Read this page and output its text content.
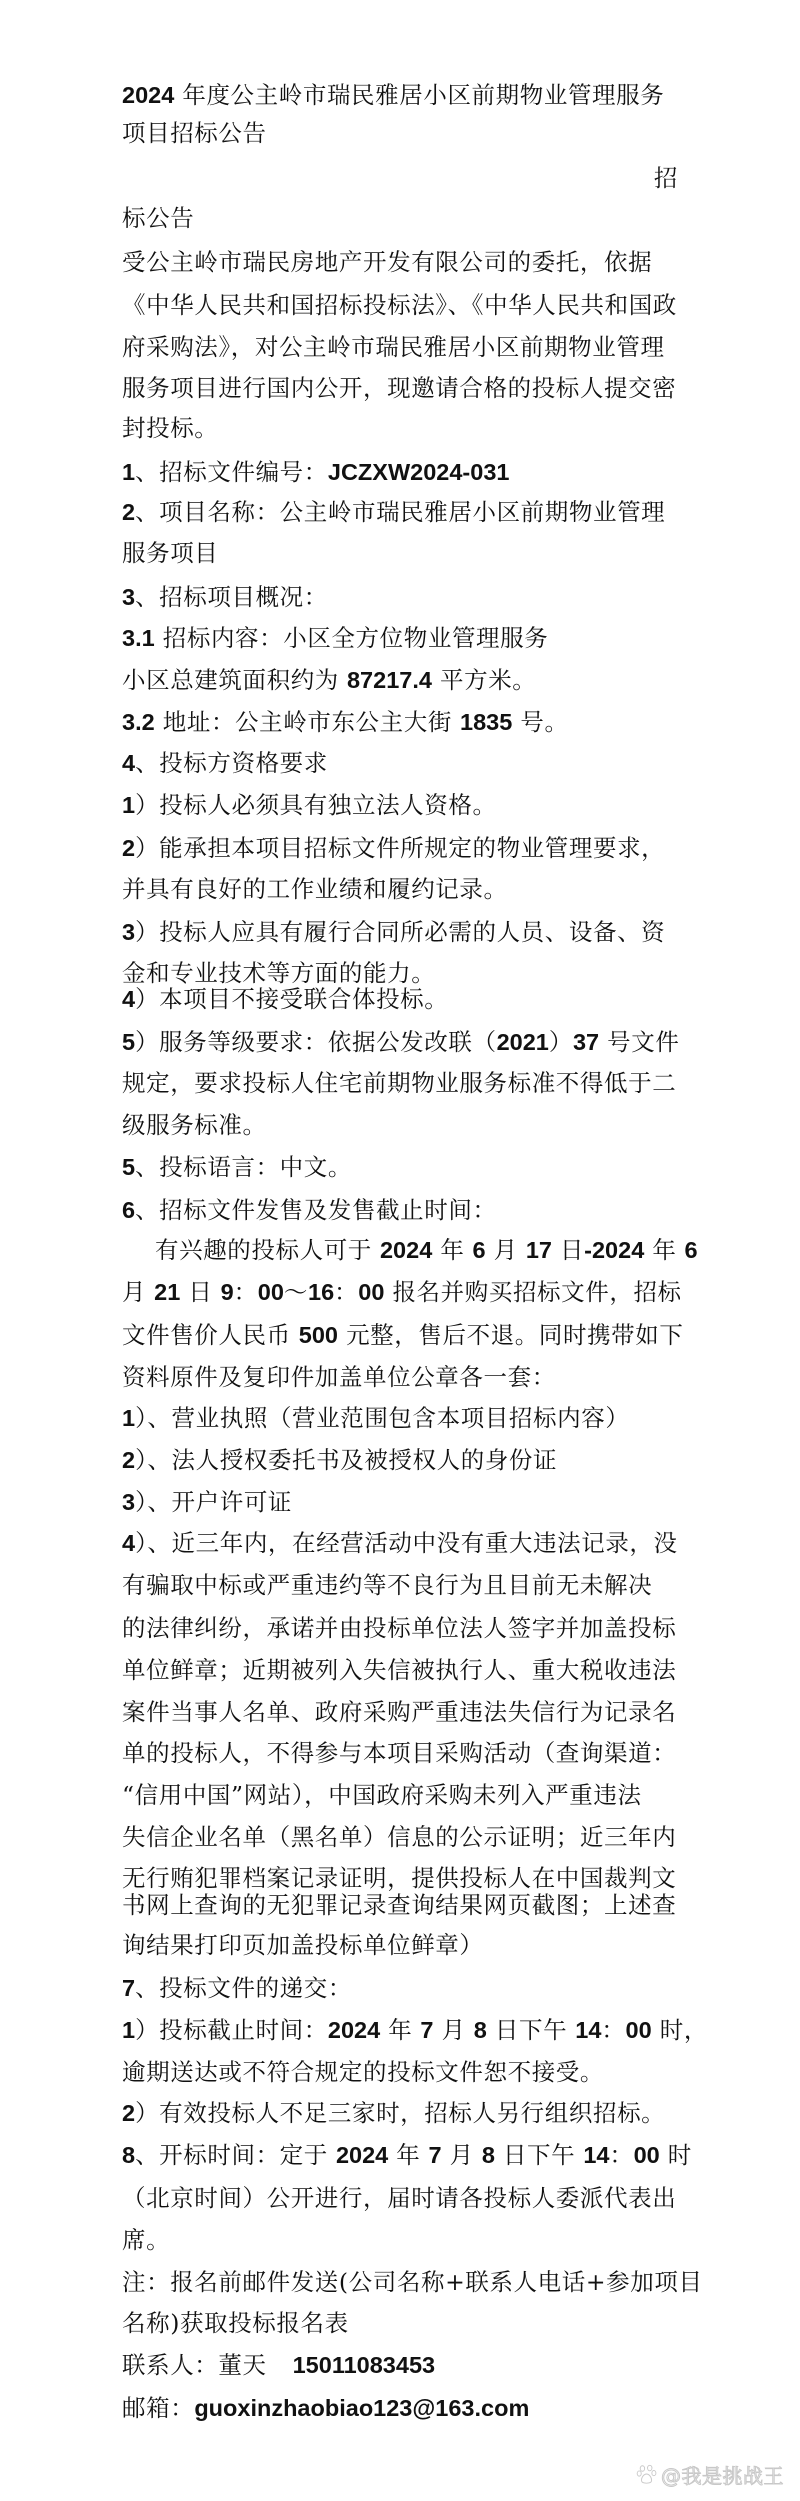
2024 年度公主岭市瑞民雅居小区前期物业管理服务
项目招标公告
招
标公告
受公主岭市瑞民房地产开发有限公司的委托，依据
《中华人民共和国招标投标法》、《中华人民共和国政
府采购法》，对公主岭市瑞民雅居小区前期物业管理
服务项目进行国内公开，现邀请合格的投标人提交密
封投标。
1、招标文件编号：JCZXW2024-031
2、项目名称：公主岭市瑞民雅居小区前期物业管理
服务项目
3、招标项目概况：
3.1 招标内容：小区全方位物业管理服务
小区总建筑面积约为 87217.4 平方米。
3.2 地址：公主岭市东公主大街 1835 号。
4、投标方资格要求
1）投标人必须具有独立法人资格。
2）能承担本项目招标文件所规定的物业管理要求，
并具有良好的工作业绩和履约记录。
3）投标人应具有履行合同所必需的人员、设备、资
金和专业技术等方面的能力。
4）本项目不接受联合体投标。
5）服务等级要求：依据公发改联（2021）37 号文件
规定，要求投标人住宅前期物业服务标准不得低于二
级服务标准。
5、投标语言：中文。
6、招标文件发售及发售截止时间：
有兴趣的投标人可于 2024 年 6 月 17 日-2024 年 6
月 21 日 9：00～16：00 报名并购买招标文件，招标
文件售价人民币 500 元整，售后不退。同时携带如下
资料原件及复印件加盖单位公章各一套：
1）、营业执照（营业范围包含本项目招标内容）
2）、法人授权委托书及被授权人的身份证
3）、开户许可证
4）、近三年内，在经营活动中没有重大违法记录，没
有骗取中标或严重违约等不良行为且目前无未解决
的法律纠纷，承诺并由投标单位法人签字并加盖投标
单位鲜章；近期被列入失信被执行人、重大税收违法
案件当事人名单、政府采购严重违法失信行为记录名
单的投标人，不得参与本项目采购活动（查询渠道：
“信用中国”网站），中国政府采购未列入严重违法
失信企业名单（黑名单）信息的公示证明；近三年内
无行贿犯罪档案记录证明，提供投标人在中国裁判文
书网上查询的无犯罪记录查询结果网页截图；上述查
询结果打印页加盖投标单位鲜章）
7、投标文件的递交：
1）投标截止时间：2024 年 7 月 8 日下午 14：00 时，
逾期送达或不符合规定的投标文件恕不接受。
2）有效投标人不足三家时，招标人另行组织招标。
8、开标时间：定于 2024 年 7 月 8 日下午 14：00 时
（北京时间）公开进行，届时请各投标人委派代表出
席。
注：报名前邮件发送(公司名称+联系人电话+参加项目
名称)获取投标报名表
联系人：董天 15011083453
邮箱：guoxinzhaobiao123@163.com
@我是挑战王
